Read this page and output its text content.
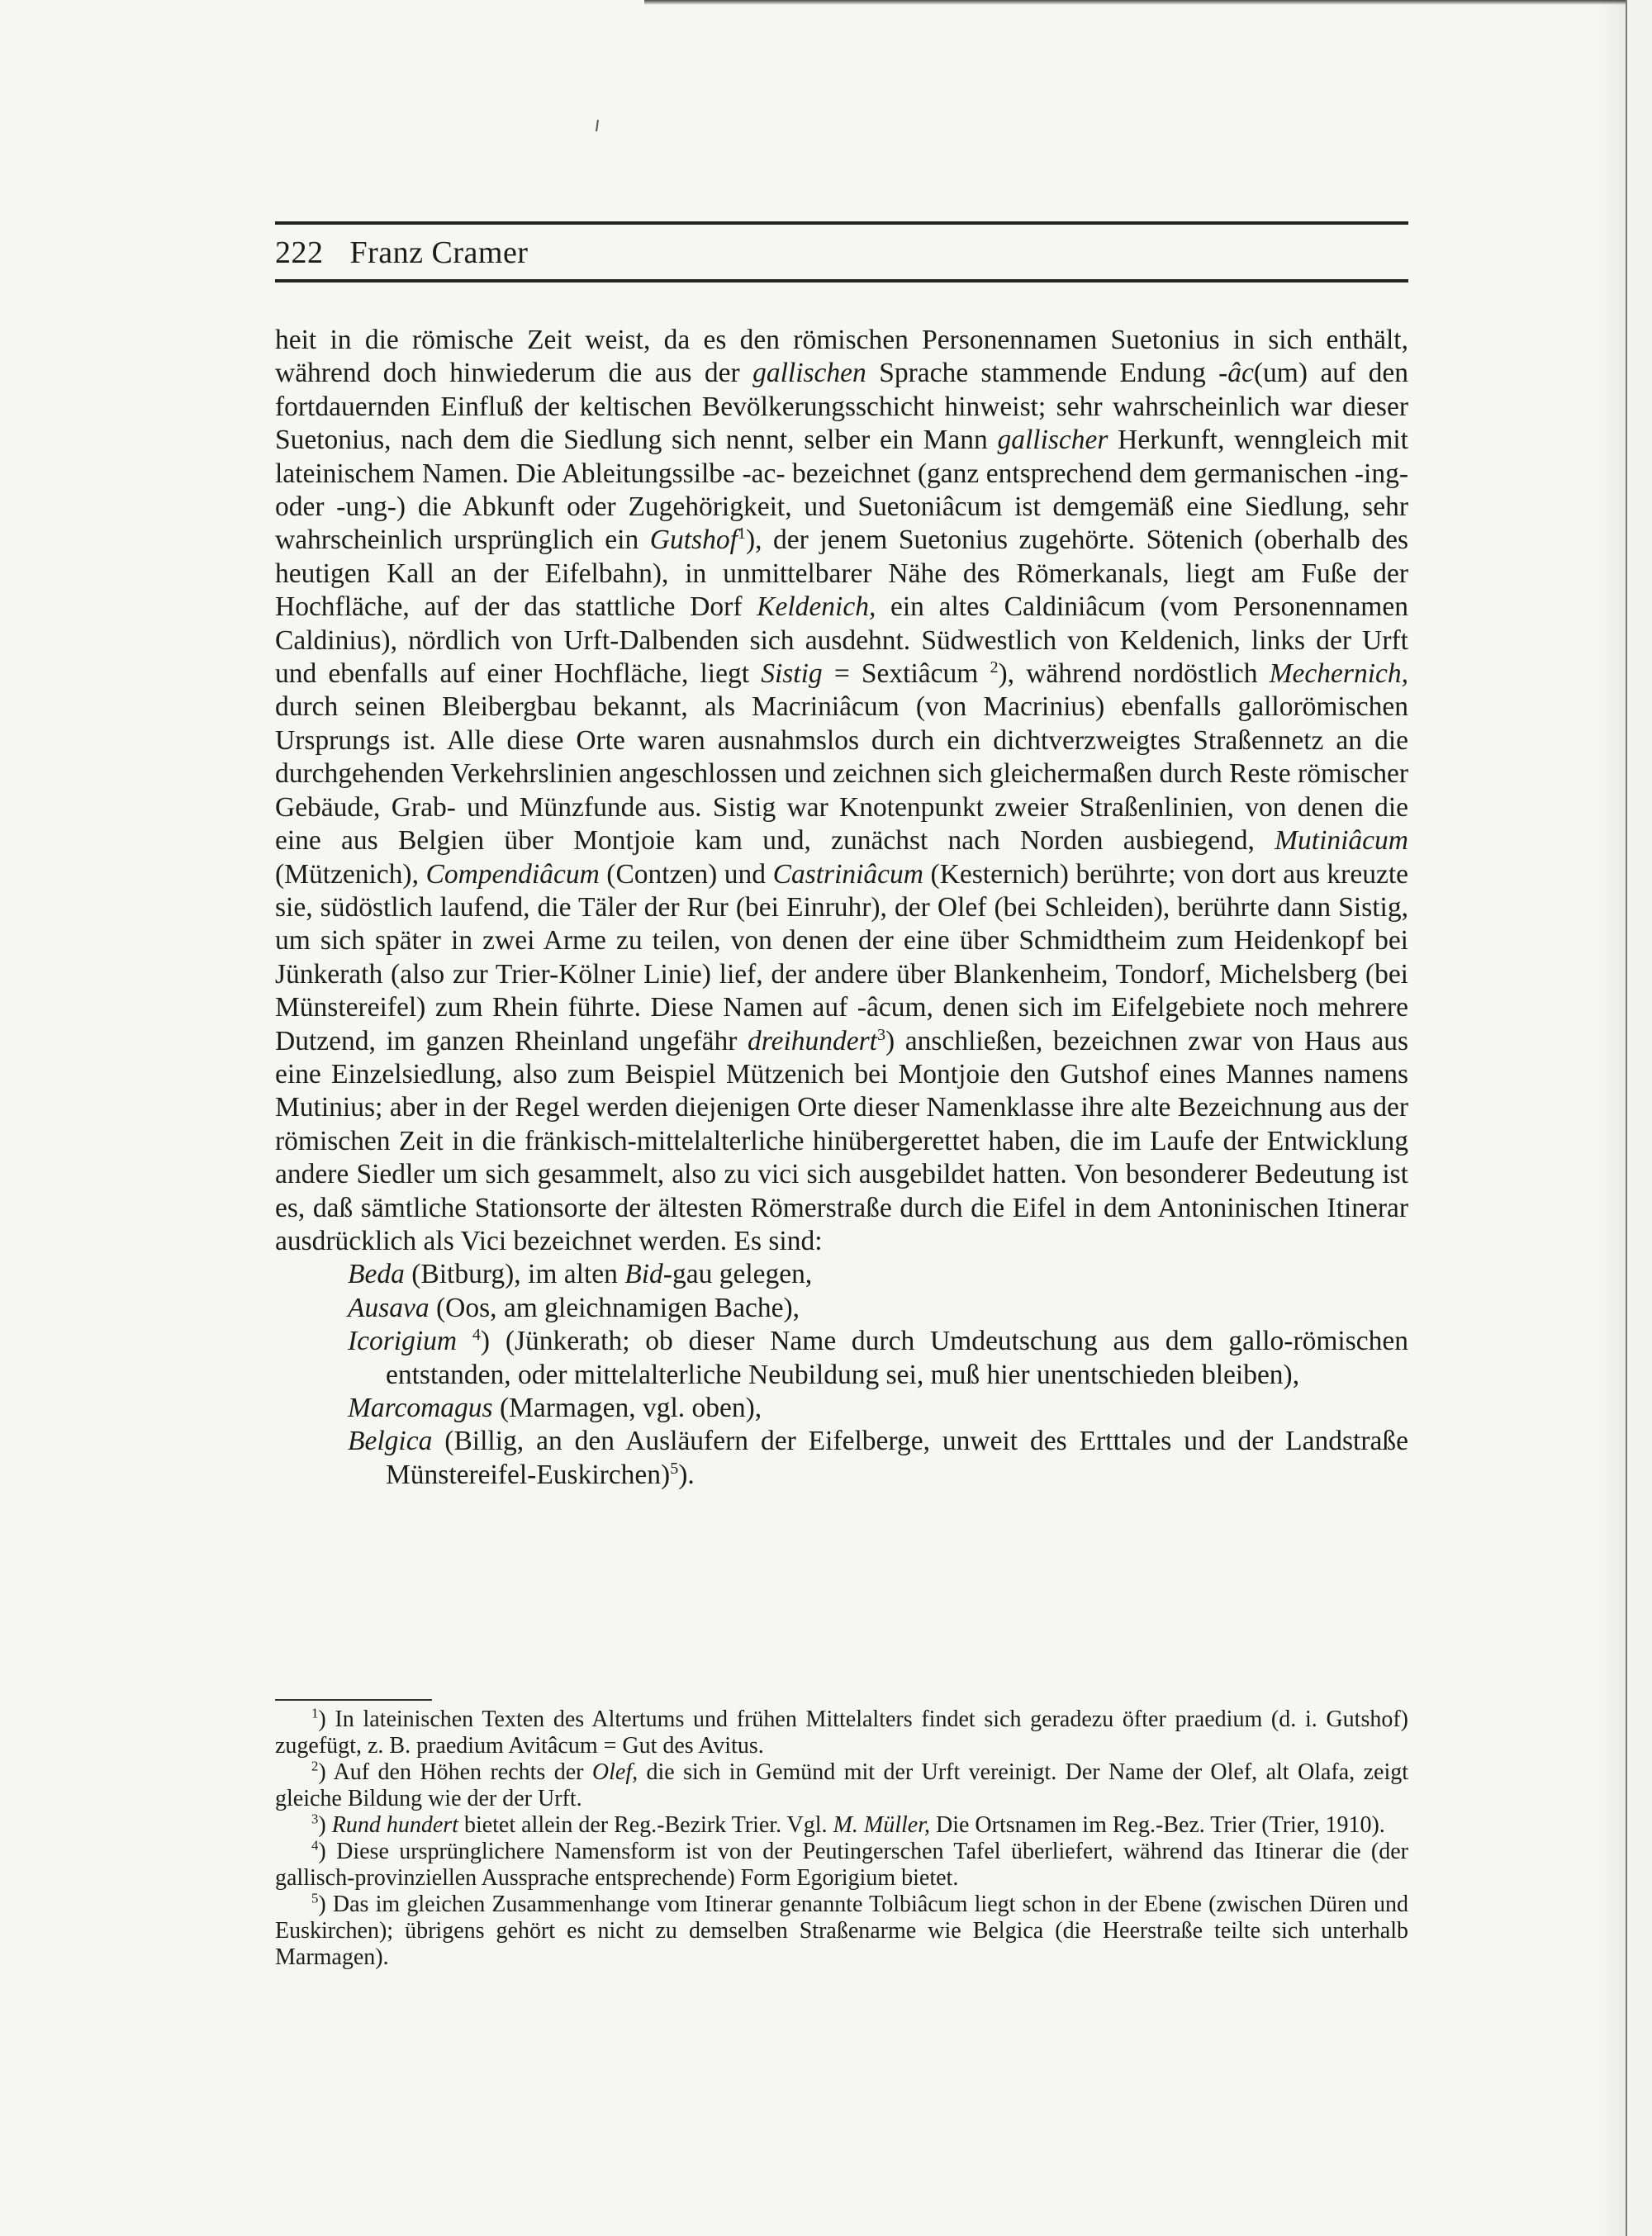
222 Franz Cramer

heit in die römische Zeit weist, da es den römischen Personennamen Suetonius in sich enthält, während doch hinwiederum die aus der gallischen Sprache stammende Endung -âc(um) auf den fortdauernden Einfluß der keltischen Bevölkerungsschicht hinweist; sehr wahrscheinlich war dieser Suetonius, nach dem die Siedlung sich nennt, selber ein Mann gallischer Herkunft, wenngleich mit lateinischem Namen. Die Ableitungssilbe -ac- bezeichnet (ganz entsprechend dem germanischen -ing- oder -ung-) die Abkunft oder Zugehörigkeit, und Suetoniâcum ist demgemäß eine Siedlung, sehr wahrscheinlich ursprünglich ein Gutshof$^1$), der jenem Suetonius zugehörte. Sötenich (oberhalb des heutigen Kall an der Eifelbahn), in unmittelbarer Nähe des Römerkanals, liegt am Fuße der Hochfläche, auf der das stattliche Dorf Keldenich, ein altes Caldiniâcum (vom Personennamen Caldinius), nördlich von Urft-Dalbenden sich ausdehnt. Südwestlich von Keldenich, links der Urft und ebenfalls auf einer Hochfläche, liegt Sistig = Sextiâcum $^2$), während nordöstlich Mechernich, durch seinen Bleibergbau bekannt, als Macriniâcum (von Macrinius) ebenfalls gallorömischen Ursprungs ist. Alle diese Orte waren ausnahmslos durch ein dichtverzweigtes Straßennetz an die durchgehenden Verkehrslinien angeschlossen und zeichnen sich gleichermaßen durch Reste römischer Gebäude, Grab- und Münzfunde aus. Sistig war Knotenpunkt zweier Straßenlinien, von denen die eine aus Belgien über Montjoie kam und, zunächst nach Norden ausbiegend, Mutiniâcum (Mützenich), Compendiâcum (Contzen) und Castriniâcum (Kesternich) berührte; von dort aus kreuzte sie, südöstlich laufend, die Täler der Rur (bei Einruhr), der Olef (bei Schleiden), berührte dann Sistig, um sich später in zwei Arme zu teilen, von denen der eine über Schmidtheim zum Heidenkopf bei Jünkerath (also zur Trier-Kölner Linie) lief, der andere über Blankenheim, Tondorf, Michelsberg (bei Münstereifel) zum Rhein führte. Diese Namen auf -âcum, denen sich im Eifelgebiete noch mehrere Dutzend, im ganzen Rheinland ungefähr dreihundert$^3$) anschließen, bezeichnen zwar von Haus aus eine Einzelsiedlung, also zum Beispiel Mützenich bei Montjoie den Gutshof eines Mannes namens Mutinius; aber in der Regel werden diejenigen Orte dieser Namenklasse ihre alte Bezeichnung aus der römischen Zeit in die fränkisch-mittelalterliche hinübergerettet haben, die im Laufe der Entwicklung andere Siedler um sich gesammelt, also zu vici sich ausgebildet hatten. Von besonderer Bedeutung ist es, daß sämtliche Stationsorte der ältesten Römerstraße durch die Eifel in dem Antoninischen Itinerar ausdrücklich als Vici bezeichnet werden. Es sind:

Beda (Bitburg), im alten Bid-gau gelegen,
Ausava (Oos, am gleichnamigen Bache),
Icorigium $^4$) (Jünkerath; ob dieser Name durch Umdeutschung aus dem gallo-römischen entstanden, oder mittelalterliche Neubildung sei, muß hier unentschieden bleiben),
Marcomagus (Marmagen, vgl. oben),
Belgica (Billig, an den Ausläufern der Eifelberge, unweit des Ertttales und der Landstraße Münstereifel-Euskirchen)$^5$).

$^1$) In lateinischen Texten des Altertums und frühen Mittelalters findet sich geradezu öfter praedium (d. i. Gutshof) zugefügt, z. B. praedium Avitâcum = Gut des Avitus.

$^2$) Auf den Höhen rechts der Olef, die sich in Gemünd mit der Urft vereinigt. Der Name der Olef, alt Olafa, zeigt gleiche Bildung wie der der Urft.

$^3$) Rund hundert bietet allein der Reg.-Bezirk Trier. Vgl. M. Müller, Die Ortsnamen im Reg.-Bez. Trier (Trier, 1910).

$^4$) Diese ursprünglichere Namensform ist von der Peutingerschen Tafel überliefert, während das Itinerar die (der gallisch-provinziellen Aussprache entsprechende) Form Egorigium bietet.

$^5$) Das im gleichen Zusammenhange vom Itinerar genannte Tolbiâcum liegt schon in der Ebene (zwischen Düren und Euskirchen); übrigens gehört es nicht zu demselben Straßenarme wie Belgica (die Heerstraße teilte sich unterhalb Marmagen).
